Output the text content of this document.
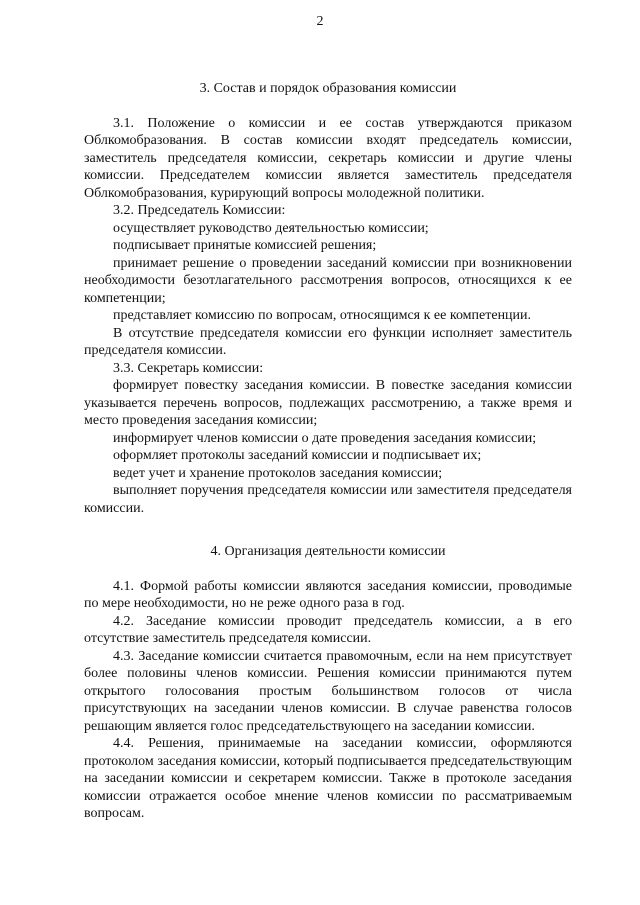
2
3. Состав и порядок образования комиссии

3.1. Положение о комиссии и ее состав утверждаются приказом Облкомобразования. В состав комиссии входят председатель комиссии, заместитель председателя комиссии, секретарь комиссии и другие члены комиссии. Председателем комиссии является заместитель председателя Облкомобразования, курирующий вопросы молодежной политики.

3.2. Председатель Комиссии:

осуществляет руководство деятельностью комиссии;

подписывает принятые комиссией решения;

принимает решение о проведении заседаний комиссии при возникновении необходимости безотлагательного рассмотрения вопросов, относящихся к ее компетенции;

представляет комиссию по вопросам, относящимся к ее компетенции.

В отсутствие председателя комиссии его функции исполняет заместитель председателя комиссии.

3.3. Секретарь комиссии:

формирует повестку заседания комиссии. В повестке заседания комиссии указывается перечень вопросов, подлежащих рассмотрению, а также время и место проведения заседания комиссии;

информирует членов комиссии о дате проведения заседания комиссии;

оформляет протоколы заседаний комиссии и подписывает их;

ведет учет и хранение протоколов заседания комиссии;

выполняет поручения председателя комиссии или заместителя председателя комиссии.

4. Организация деятельности комиссии

4.1. Формой работы комиссии являются заседания комиссии, проводимые по мере необходимости, но не реже одного раза в год.

4.2. Заседание комиссии проводит председатель комиссии, а в его отсутствие заместитель председателя комиссии.

4.3. Заседание комиссии считается правомочным, если на нем присутствует более половины членов комиссии. Решения комиссии принимаются путем открытого голосования простым большинством голосов от числа присутствующих на заседании членов комиссии. В случае равенства голосов решающим является голос председательствующего на заседании комиссии.

4.4. Решения, принимаемые на заседании комиссии, оформляются протоколом заседания комиссии, который подписывается председательствующим на заседании комиссии и секретарем комиссии. Также в протоколе заседания комиссии отражается особое мнение членов комиссии по рассматриваемым вопросам.
